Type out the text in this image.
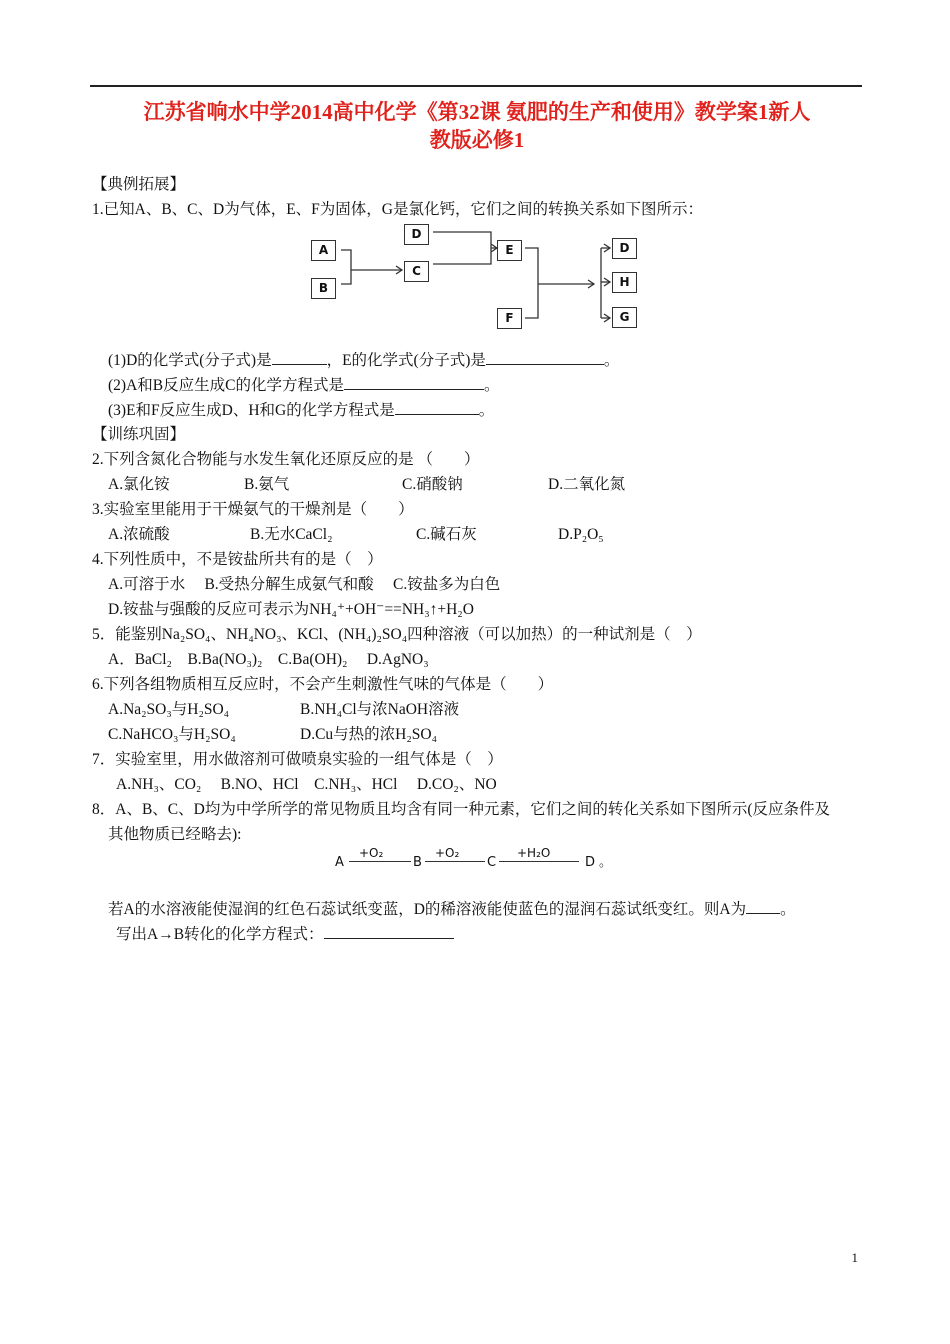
江苏省响水中学2014高中化学《第32课 氨肥的生产和使用》教学案1新人
教版必修1
【典例拓展】
1.已知A、B、C、D为气体，E、F为固体，G是氯化钙，它们之间的转换关系如下图所示：
A
B
D
C
E
F
D
H
G
(1)D的化学式(分子式)是	，E的化学式(分子式)是	。
(2)A和B反应生成C的化学方程式是	。
(3)E和F反应生成D、H和G的化学方程式是	。
【训练巩固】
2.下列含氮化合物能与水发生氧化还原反应的是 （　　）
A.氯化铵	B.氨气	C.硝酸钠	D.二氧化氮
3.实验室里能用于干燥氨气的干燥剂是（　　）
A.浓硫酸	B.无水CaCl₂	C.碱石灰	D.P₂O₅
4.下列性质中，不是铵盐所共有的是（　）
A.可溶于水　 B.受热分解生成氨气和酸　 C.铵盐多为白色
D.铵盐与强酸的反应可表示为NH₄⁺+OH⁻==NH₃↑+H₂O
5．能鉴别Na₂SO₄、NH₄NO₃、KCl、(NH₄)₂SO₄四种溶液（可以加热）的一种试剂是（　）
A．BaCl₂　B.Ba(NO₃)₂　C.Ba(OH)₂　 D.AgNO₃
6.下列各组物质相互反应时，不会产生刺激性气味的气体是（　　）
A.Na₂SO₃与H₂SO₄	B.NH₄Cl与浓NaOH溶液
C.NaHCO₃与H₂SO₄	D.Cu与热的浓H₂SO₄
7．实验室里，用水做溶剂可做喷泉实验的一组气体是（　）
A.NH₃、CO₂　 B.NO、HCl　C.NH₃、HCl　 D.CO₂、NO
8．A、B、C、D均为中学所学的常见物质且均含有同一种元素，它们之间的转化关系如下图所示(反应条件及
其他物质已经略去):
A
+O₂
B
+O₂
C
+H₂O
D 。
若A的水溶液能使湿润的红色石蕊试纸变蓝，D的稀溶液能使蓝色的湿润石蕊试纸变红。则A为 。
写出A→B转化的化学方程式：
1
